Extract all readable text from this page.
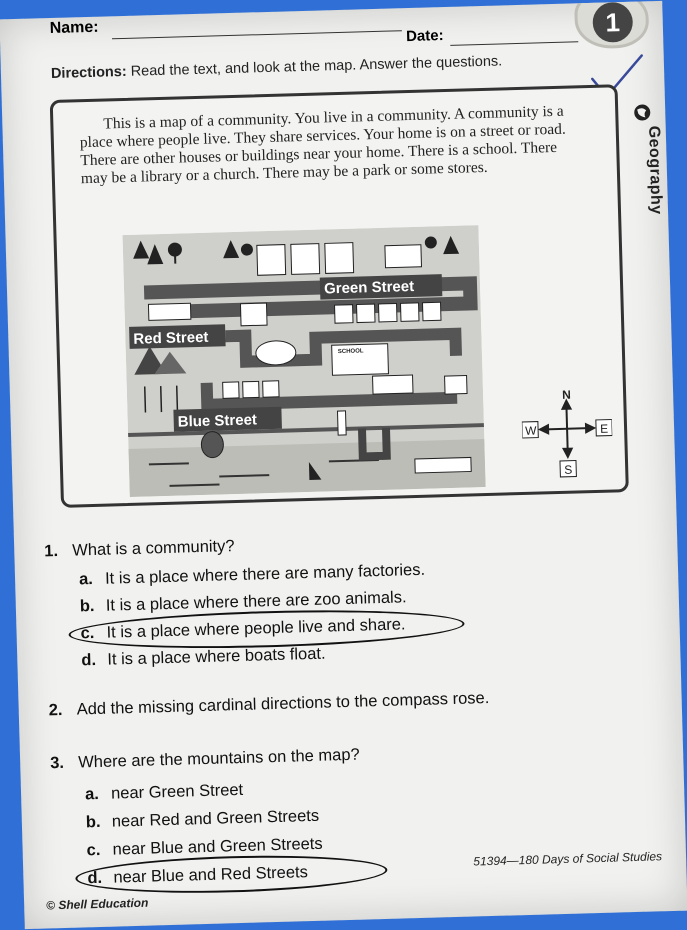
Name:	Date:	1
Directions: Read the text, and look at the map. Answer the questions.
Geography

This is a map of a community. You live in a community. A community is a place where people live. They share services. Your home is on a street or road. There are other houses or buildings near your home. There is a school. There may be a library or a church. There may be a park or some stores.

Green Street
Red Street
SCHOOL
Blue Street
N
W	E
S
1. What is a community?
a. It is a place where there are many factories.
b. It is a place where there are zoo animals.
c. It is a place where people live and share.
d. It is a place where boats float.
2. Add the missing cardinal directions to the compass rose.
3. Where are the mountains on the map?
a. near Green Street
b. near Red and Green Streets
c. near Blue and Green Streets
d. near Blue and Red Streets
51394—180 Days of Social Studies
© Shell Education
